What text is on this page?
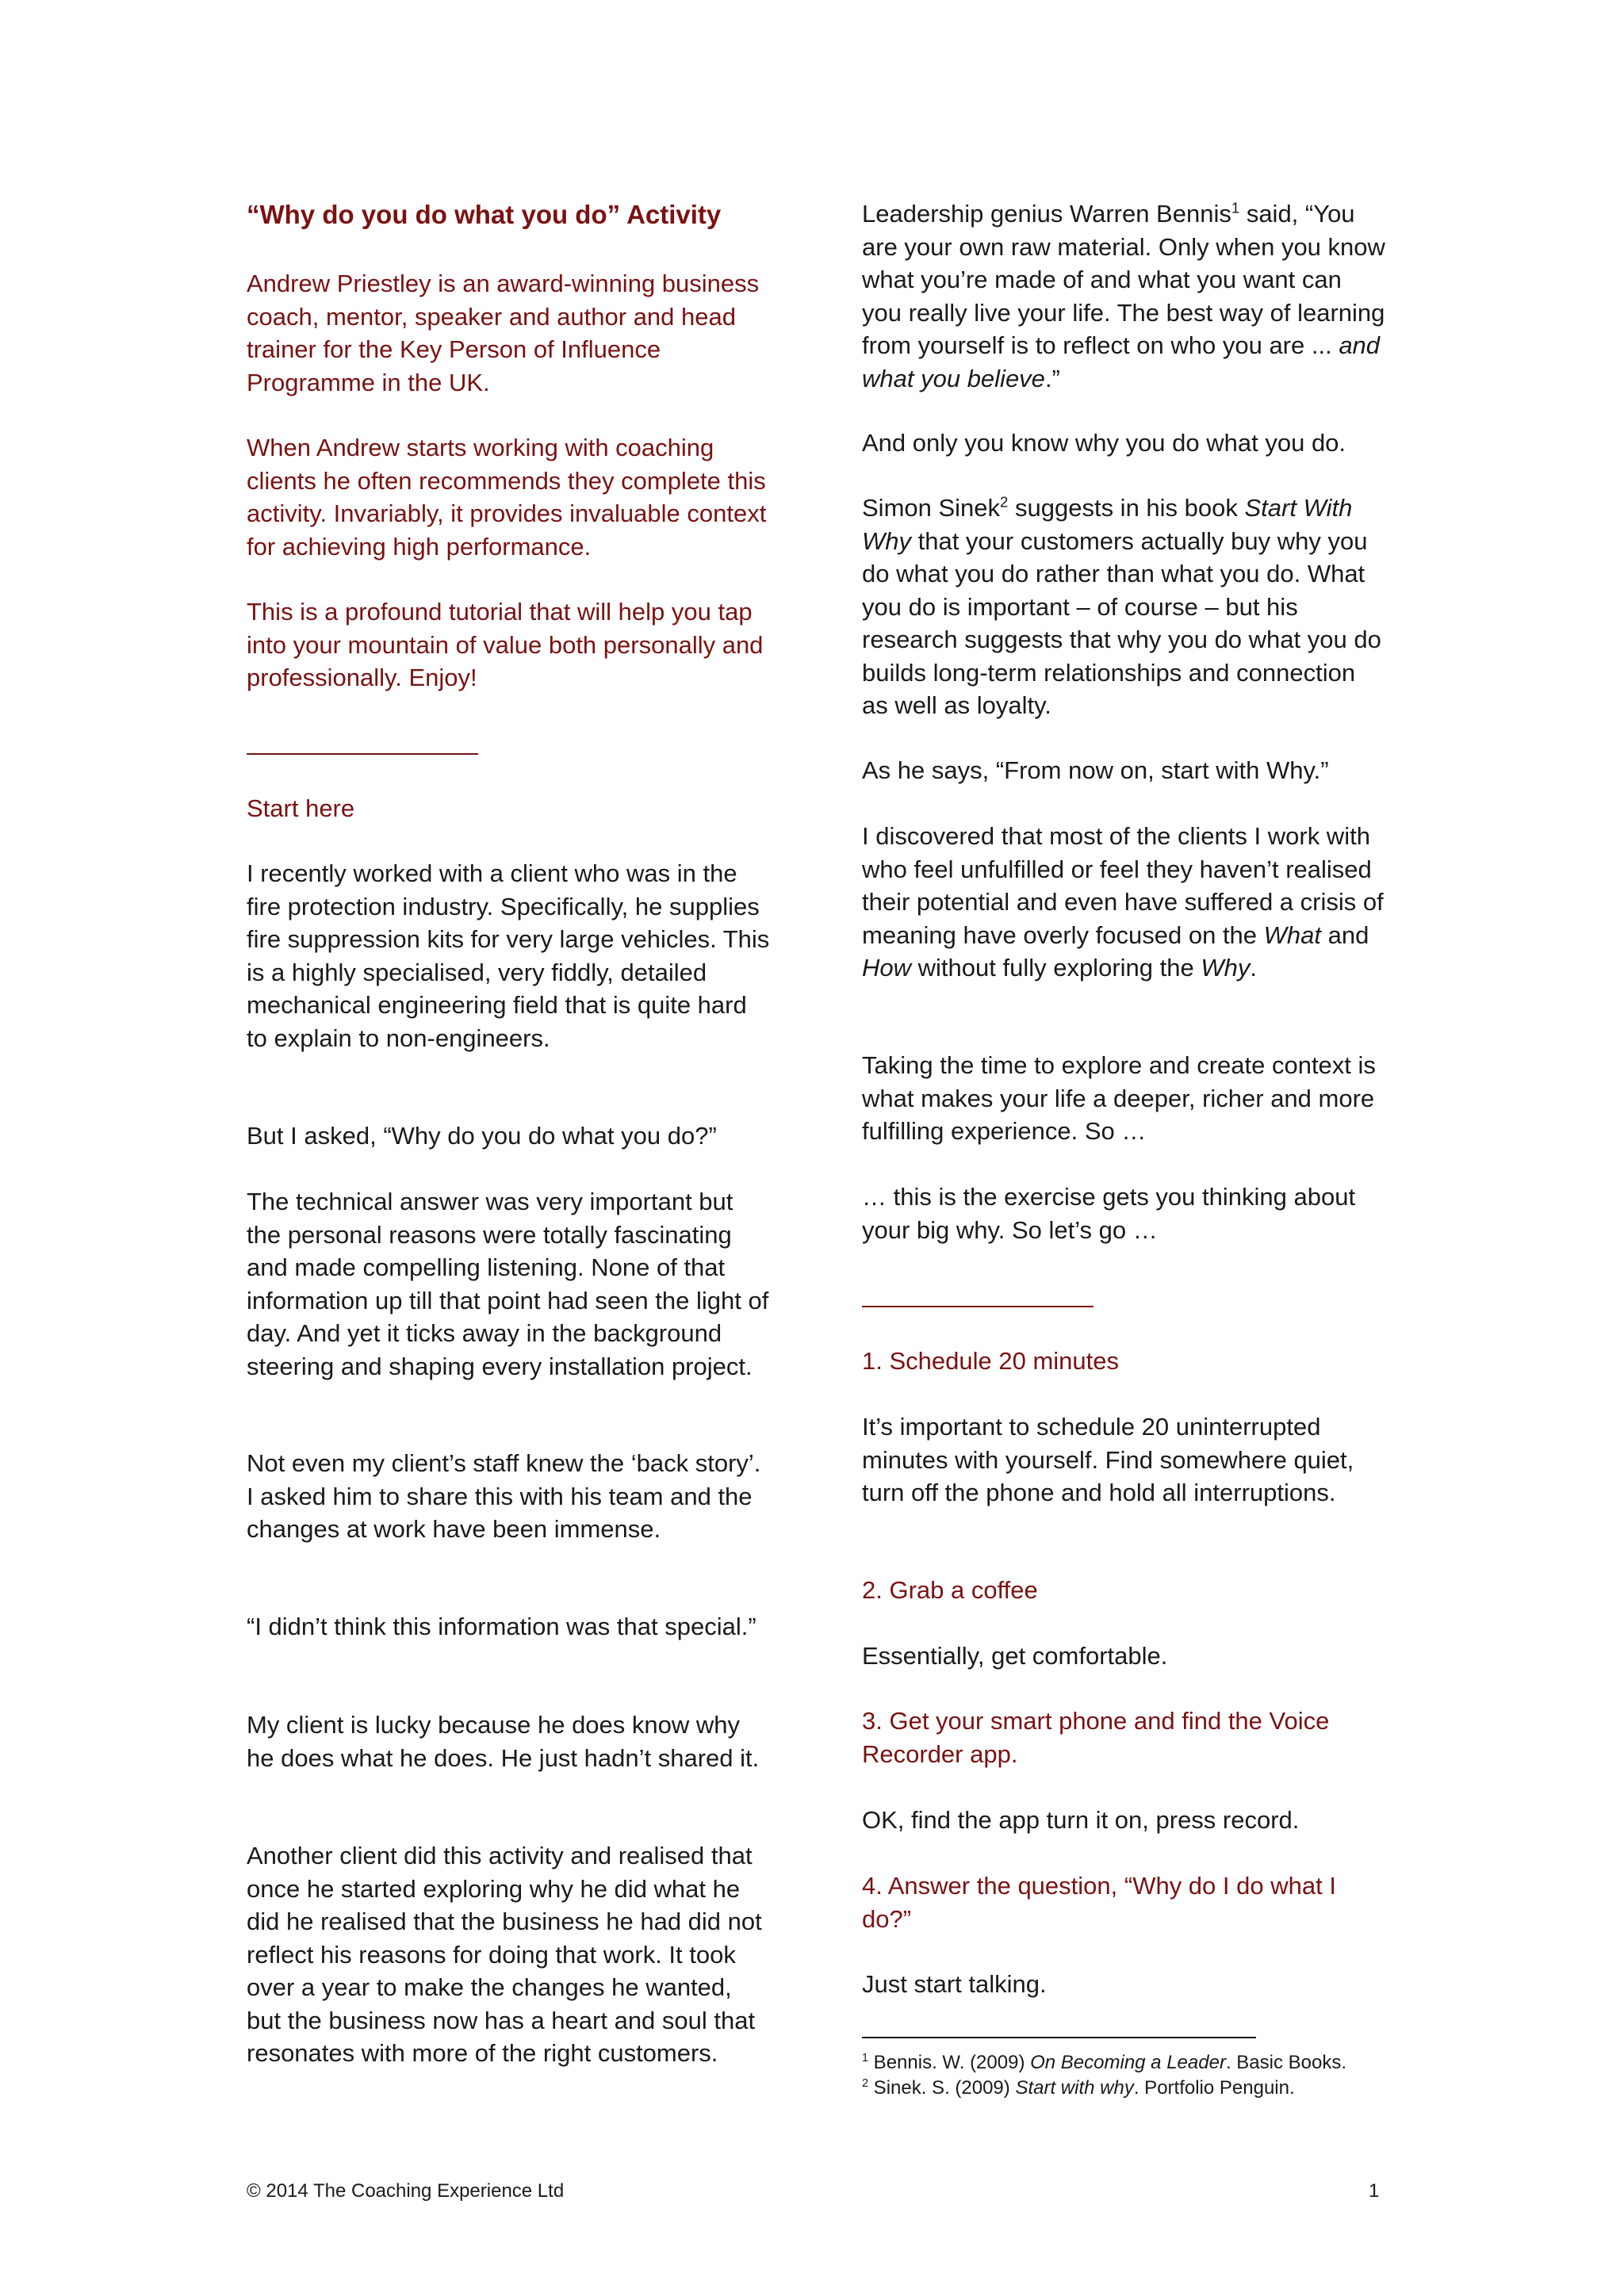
“Why do you do what you do” Activity

Andrew Priestley is an award-winning business coach, mentor, speaker and author and head trainer for the Key Person of Influence Programme in the UK.

When Andrew starts working with coaching clients he often recommends they complete this activity. Invariably, it provides invaluable context for achieving high performance.

This is a profound tutorial that will help you tap into your mountain of value both personally and professionally. Enjoy!

Start here

I recently worked with a client who was in the fire protection industry. Specifically, he supplies fire suppression kits for very large vehicles. This is a highly specialised, very fiddly, detailed mechanical engineering field that is quite hard to explain to non-engineers.

But I asked, “Why do you do what you do?”

The technical answer was very important but the personal reasons were totally fascinating and made compelling listening. None of that information up till that point had seen the light of day. And yet it ticks away in the background steering and shaping every installation project.

Not even my client’s staff knew the ‘back story’. I asked him to share this with his team and the changes at work have been immense.

“I didn’t think this information was that special.”

My client is lucky because he does know why he does what he does. He just hadn’t shared it.

Another client did this activity and realised that once he started exploring why he did what he did he realised that the business he had did not reflect his reasons for doing that work. It took over a year to make the changes he wanted, but the business now has a heart and soul that resonates with more of the right customers.

Leadership genius Warren Bennis$^1$ said, “You are your own raw material. Only when you know what you’re made of and what you want can you really live your life. The best way of learning from yourself is to reflect on who you are ... and what you believe.”

And only you know why you do what you do.

Simon Sinek$^2$ suggests in his book Start With Why that your customers actually buy why you do what you do rather than what you do. What you do is important – of course – but his research suggests that why you do what you do builds long-term relationships and connection as well as loyalty.

As he says, “From now on, start with Why.”

I discovered that most of the clients I work with who feel unfulfilled or feel they haven’t realised their potential and even have suffered a crisis of meaning have overly focused on the What and How without fully exploring the Why.

Taking the time to explore and create context is what makes your life a deeper, richer and more fulfilling experience. So …

… this is the exercise gets you thinking about your big why. So let’s go …

1. Schedule 20 minutes

It’s important to schedule 20 uninterrupted minutes with yourself. Find somewhere quiet, turn off the phone and hold all interruptions.

2. Grab a coffee

Essentially, get comfortable.

3. Get your smart phone and find the Voice Recorder app.

OK, find the app turn it on, press record.

4. Answer the question, “Why do I do what I do?”

Just start talking.

$^1$ Bennis. W. (2009) On Becoming a Leader. Basic Books.

$^2$ Sinek. S. (2009) Start with why. Portfolio Penguin.

© 2014 The Coaching Experience Ltd	1
